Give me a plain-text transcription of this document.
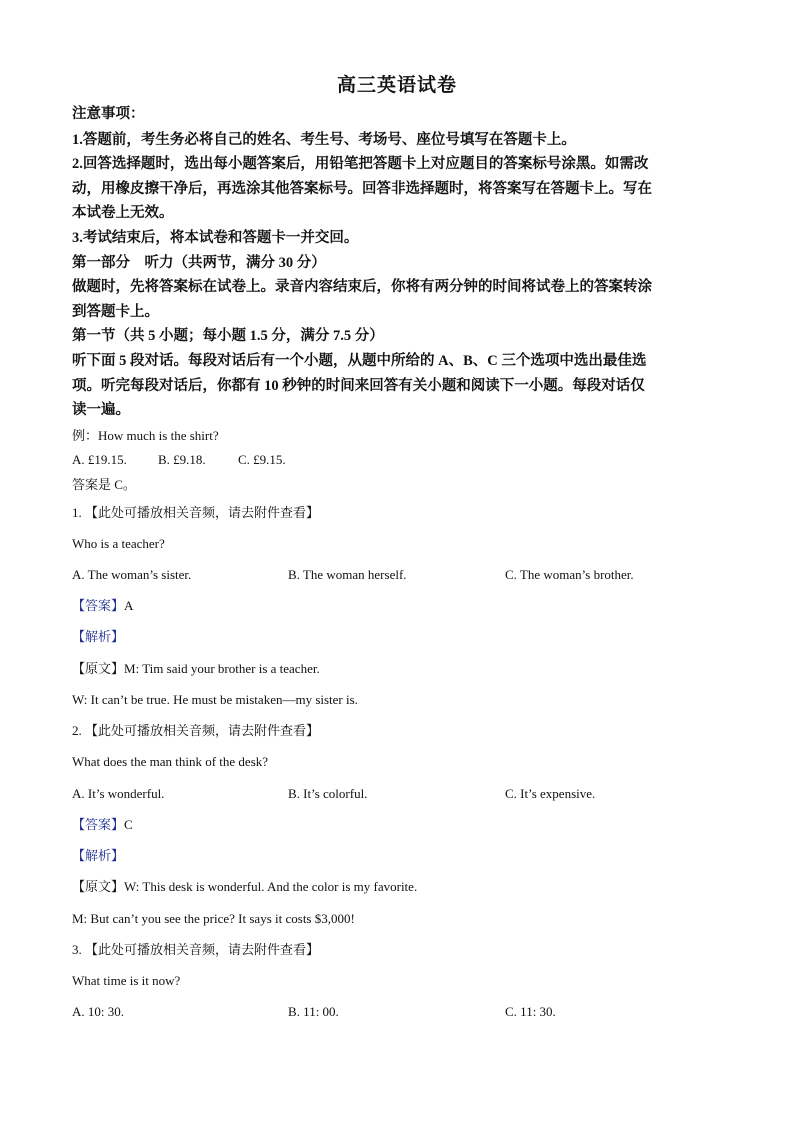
高三英语试卷
注意事项：
1.答题前，考生务必将自己的姓名、考生号、考场号、座位号填写在答题卡上。
2.回答选择题时，选出每小题答案后，用铅笔把答题卡上对应题目的答案标号涂黑。如需改
动，用橡皮擦干净后，再选涂其他答案标号。回答非选择题时，将答案写在答题卡上。写在
本试卷上无效。
3.考试结束后，将本试卷和答题卡一并交回。
第一部分　听力（共两节，满分 30 分）
做题时，先将答案标在试卷上。录音内容结束后，你将有两分钟的时间将试卷上的答案转涂
到答题卡上。
第一节（共 5 小题；每小题 1.5 分，满分 7.5 分）
听下面 5 段对话。每段对话后有一个小题，从题中所给的 A、B、C 三个选项中选出最佳选
项。听完每段对话后，你都有 10 秒钟的时间来回答有关小题和阅读下一小题。每段对话仅
读一遍。
例：How much is the shirt?
A. £19.15. B. £9.18. C. £9.15.
答案是 C。
1. 【此处可播放相关音频，请去附件查看】
Who is a teacher?
A. The woman’s sister.	B. The woman herself.	C. The woman’s brother.
【答案】A
【解析】
【原文】M: Tim said your brother is a teacher.
W: It can’t be true. He must be mistaken—my sister is.
2. 【此处可播放相关音频，请去附件查看】
What does the man think of the desk?
A. It’s wonderful.	B. It’s colorful.	C. It’s expensive.
【答案】C
【解析】
【原文】W: This desk is wonderful. And the color is my favorite.
M: But can’t you see the price? It says it costs $3,000!
3. 【此处可播放相关音频，请去附件查看】
What time is it now?
A. 10: 30.	B. 11: 00.	C. 11: 30.
